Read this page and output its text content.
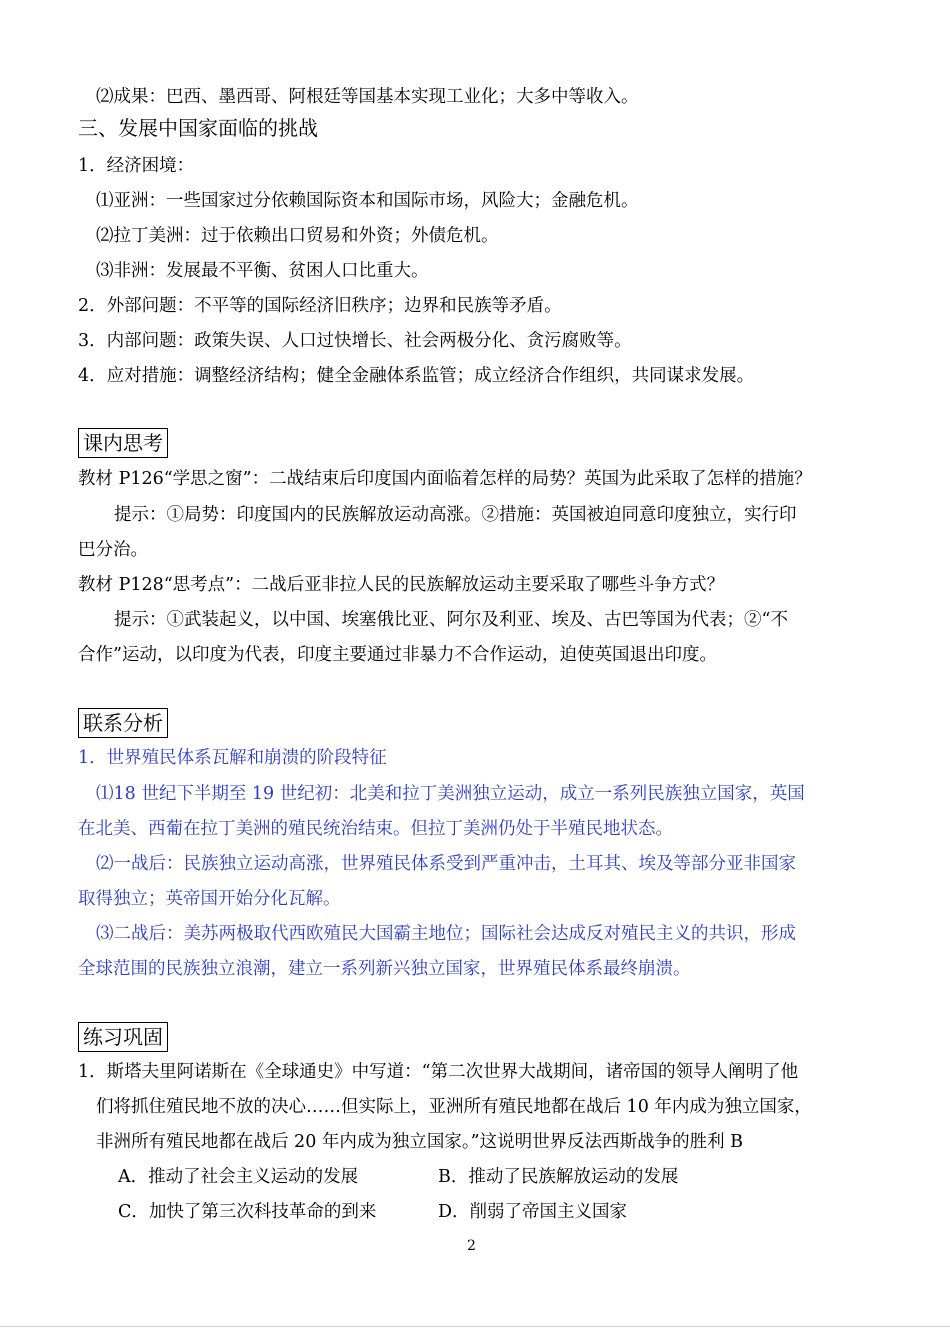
⑵成果：巴西、墨西哥、阿根廷等国基本实现工业化；大多中等收入。
三、发展中国家面临的挑战
1．经济困境：
⑴亚洲：一些国家过分依赖国际资本和国际市场，风险大；金融危机。
⑵拉丁美洲：过于依赖出口贸易和外资；外债危机。
⑶非洲：发展最不平衡、贫困人口比重大。
2．外部问题：不平等的国际经济旧秩序；边界和民族等矛盾。
3．内部问题：政策失误、人口过快增长、社会两极分化、贪污腐败等。
4．应对措施：调整经济结构；健全金融体系监管；成立经济合作组织，共同谋求发展。
课内思考
教材 P126“学思之窗”：二战结束后印度国内面临着怎样的局势？英国为此采取了怎样的措施？
提示：①局势：印度国内的民族解放运动高涨。②措施：英国被迫同意印度独立，实行印
巴分治。
教材 P128“思考点”：二战后亚非拉人民的民族解放运动主要采取了哪些斗争方式？
提示：①武装起义，以中国、埃塞俄比亚、阿尔及利亚、埃及、古巴等国为代表；②“不
合作”运动，以印度为代表，印度主要通过非暴力不合作运动，迫使英国退出印度。
联系分析
1．世界殖民体系瓦解和崩溃的阶段特征
⑴18 世纪下半期至 19 世纪初：北美和拉丁美洲独立运动，成立一系列民族独立国家，英国
在北美、西葡在拉丁美洲的殖民统治结束。但拉丁美洲仍处于半殖民地状态。
⑵一战后：民族独立运动高涨，世界殖民体系受到严重冲击，土耳其、埃及等部分亚非国家
取得独立；英帝国开始分化瓦解。
⑶二战后：美苏两极取代西欧殖民大国霸主地位；国际社会达成反对殖民主义的共识，形成
全球范围的民族独立浪潮，建立一系列新兴独立国家，世界殖民体系最终崩溃。
练习巩固
1．斯塔夫里阿诺斯在《全球通史》中写道：“第二次世界大战期间，诸帝国的领导人阐明了他
们将抓住殖民地不放的决心……但实际上，亚洲所有殖民地都在战后 10 年内成为独立国家，
非洲所有殖民地都在战后 20 年内成为独立国家。”这说明世界反法西斯战争的胜利 B
A．推动了社会主义运动的发展	B．推动了民族解放运动的发展
C．加快了第三次科技革命的到来	D．削弱了帝国主义国家
2
